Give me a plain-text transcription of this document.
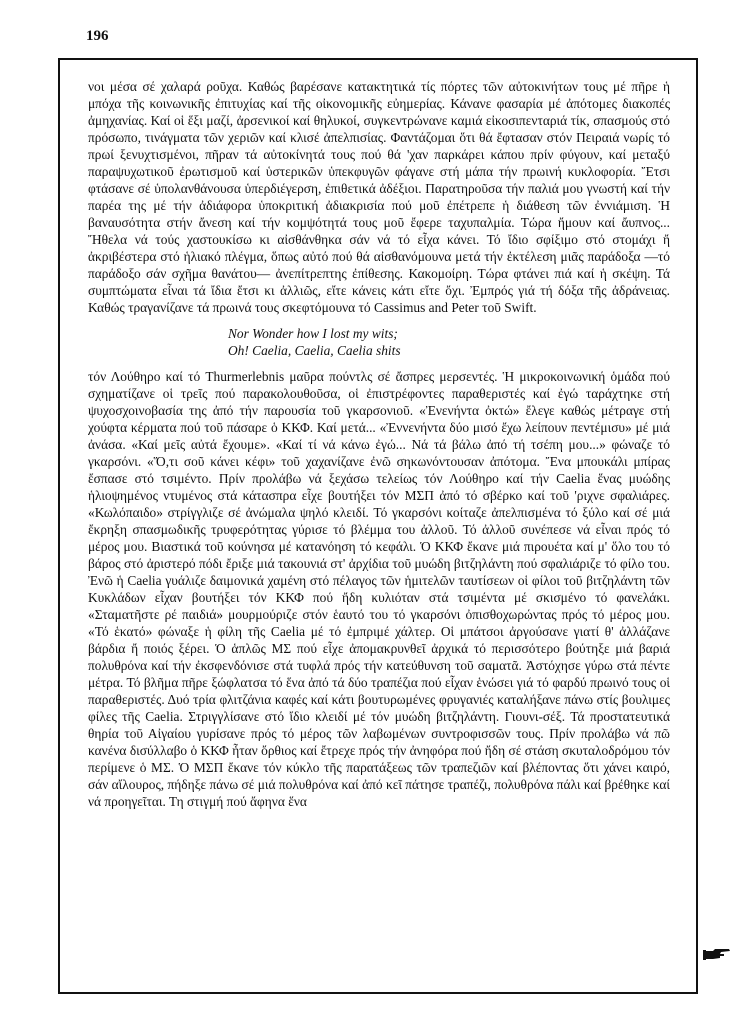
196

νοι μέσα σέ χαλαρά ροῦχα. Καθώς βαρέσανε κατακτητικά τίς πόρτες τῶν αὐτοκινήτων τους μέ πῆρε ἡ μπόχα τῆς κοινωνικῆς ἐπιτυχίας καί τῆς οἰκονομικῆς εὐημερίας. Κάνανε φασαρία μέ ἀπότομες διακοπές ἀμηχανίας. Καί οἱ ἕξι μαζί, ἀρσενικοί καί θηλυκοί, συγκεντρώνανε καμιά εἰκοσιπενταριά τίκ, σπασμούς στό πρόσωπο, τινάγματα τῶν χεριῶν καί κλισέ ἀπελπισίας. Φαντάζομαι ὅτι θά ἔφτασαν στόν Πειραιά νωρίς τό πρωί ξενυχτισμένοι, πῆραν τά αὐτοκίνητά τους πού θά 'χαν παρκάρει κάπου πρίν φύγουν, καί μεταξύ παραψυχωτικοῦ ἐρωτισμοῦ καί ὑστερικῶν ὑπεκφυγῶν φάγανε στή μάπα τήν πρωινή κυκλοφορία. Ἔτσι φτάσανε σέ ὑπολανθάνουσα ὑπερδιέγερση, ἐπιθετικά ἀδέξιοι. Παρατηροῦσα τήν παλιά μου γνωστή καί τήν παρέα της μέ τήν ἀδιάφορα ὑποκριτική ἀδιακρισία πού μοῦ ἐπέτρεπε ἡ διάθεση τῶν ἐννιάμιση. Ἡ βαναυσότητα στήν ἄνεση καί τήν κομψότητά τους μοῦ ἔφερε ταχυπαλμία. Τώρα ἤμουν καί ἄυπνος... Ἤθελα νά τούς χαστουκίσω κι αἰσθάνθηκα σάν νά τό εἶχα κάνει. Τό ἴδιο σφίξιμο στό στομάχι ἤ ἀκριβέστερα στό ἡλιακό πλέγμα, ὅπως αὐτό πού θά αἰσθανόμουνα μετά τήν ἐκτέλεση μιᾶς παράδοξα —τό παράδοξο σάν σχῆμα θανάτου— ἀνεπίτρεπτης ἐπίθεσης. Κακομοίρη. Τώρα φτάνει πιά καί ἡ σκέψη. Τά συμπτώματα εἶναι τά ἴδια ἔτσι κι ἀλλιῶς, εἴτε κάνεις κάτι εἴτε ὄχι. Ἐμπρός γιά τή δόξα τῆς ἀδράνειας. Καθώς τραγανίζανε τά πρωινά τους σκεφτόμουνα τό Cassimus and Peter τοῦ Swift.

Nor Wonder how I lost my wits;
Oh! Caelia, Caelia, Caelia shits

τόν Λούθηρο καί τό Thurmerlebnis μαῦρα πούντλς σέ ἄσπρες μερσεντές. Ἡ μικροκοινωνική ὁμάδα πού σχηματίζανε οἱ τρεῖς πού παρακολουθοῦσα, οἱ ἐπιστρέφοντες παραθεριστές καί ἐγώ ταράχτηκε στή ψυχοσχοινοβασία της ἀπό τήν παρουσία τοῦ γκαρσονιοῦ. «Ἐνενήντα ὀκτώ» ἔλεγε καθώς μέτραγε στή χούφτα κέρματα πού τοῦ πάσαρε ὁ ΚΚΦ. Καί μετά... «Ἐννενήντα δύο μισό ἔχω λείπουν πεντέμισυ» μέ μιά ἀνάσα. «Καί μεῖς αὐτά ἔχουμε». «Καί τί νά κάνω ἐγώ... Νά τά βάλω ἀπό τή τσέπη μου...» φώναζε τό γκαρσόνι. «Ὅ,τι σοῦ κάνει κέφι» τοῦ χαχανίζανε ἐνῶ σηκωνόντουσαν ἀπότομα. Ἔνα μπουκάλι μπίρας ἔσπασε στό τσιμέντο. Πρίν προλάβω νά ξεχάσω τελείως τόν Λούθηρο καί τήν Caelia ἕνας μυώδης ἡλιοψημένος ντυμένος στά κάτασπρα εἶχε βουτήξει τόν ΜΣΠ ἀπό τό σβέρκο καί τοῦ 'ριχνε σφαλιάρες. «Κωλόπαιδο» στρίγγλιζε σέ ἀνώμαλα ψηλό κλειδί. Τό γκαρσόνι κοίταζε ἀπελπισμένα τό ξύλο καί σέ μιά ἔκρηξη σπασμωδικῆς τρυφερότητας γύρισε τό βλέμμα του ἀλλοῦ. Τό ἀλλοῦ συνέπεσε νά εἶναι πρός τό μέρος μου. Βιαστικά τοῦ κούνησα μέ κατανόηση τό κεφάλι. Ὁ ΚΚΦ ἔκανε μιά πιρουέτα καί μ' ὅλο του τό βάρος στό ἀριστερό πόδι ἔριξε μιά τακουνιά στ' ἀρχίδια τοῦ μυώδη βιτζηλάντη πού σφαλιάριζε τό φίλο του. Ἐνῶ ἡ Caelia γυάλιζε δαιμονικά χαμένη στό πέλαγος τῶν ἡμιτελῶν ταυτίσεων οἱ φίλοι τοῦ βιτζηλάντη τῶν Κυκλάδων εἶχαν βουτήξει τόν ΚΚΦ πού ἤδη κυλιόταν στά τσιμέντα μέ σκισμένο τό φανελάκι. «Σταματῆστε ρέ παιδιά» μουρμούριζε στόν ἑαυτό του τό γκαρσόνι ὀπισθοχωρώντας πρός τό μέρος μου. «Τό ἑκατό» φώναξε ἡ φίλη τῆς Caelia μέ τό ἐμπριμέ χάλτερ. Οἱ μπάτσοι ἀργούσανε γιατί θ' ἀλλάζανε βάρδια ἤ ποιός ξέρει. Ὁ ἁπλῶς ΜΣ πού εἶχε ἀπομακρυνθεῖ ἀρχικά τό περισσότερο βούτηξε μιά βαριά πολυθρόνα καί τήν ἐκσφενδόνισε στά τυφλά πρός τήν κατεύθυνση τοῦ σαματᾶ. Ἀστόχησε γύρω στά πέντε μέτρα. Τό βλῆμα πῆρε ξώφλατσα τό ἕνα ἀπό τά δύο τραπέζια πού εἶχαν ἑνώσει γιά τό φαρδύ πρωινό τους οἱ παραθεριστές. Δυό τρία φλιτζάνια καφές καί κάτι βουτυρωμένες φρυγανιές καταλήξανε πάνω στίς βουλιμες φίλες τῆς Caelia. Στριγγλίσανε στό ἴδιο κλειδί μέ τόν μυώδη βιτζηλάντη. Γιουνι-σέξ. Τά προστατευτικά θηρία τοῦ Αἰγαίου γυρίσανε πρός τό μέρος τῶν λαβωμένων συντροφισσῶν τους. Πρίν προλάβω νά πῶ κανένα δισύλλαβο ὁ ΚΚΦ ἦταν ὄρθιος καί ἔτρεχε πρός τήν ἀνηφόρα πού ἤδη σέ στάση σκυταλοδρόμου τόν περίμενε ὁ ΜΣ. Ὁ ΜΣΠ ἔκανε τόν κύκλο τῆς παρατάξεως τῶν τραπεζιῶν καί βλέποντας ὅτι χάνει καιρό, σάν αἴλουρος, πήδηξε πάνω σέ μιά πολυθρόνα καί ἀπό κεῖ πάτησε τραπέζι, πολυθρόνα πάλι καί βρέθηκε καί νά προηγεῖται. Τη στιγμή πού ἄφηνα ἕνα
